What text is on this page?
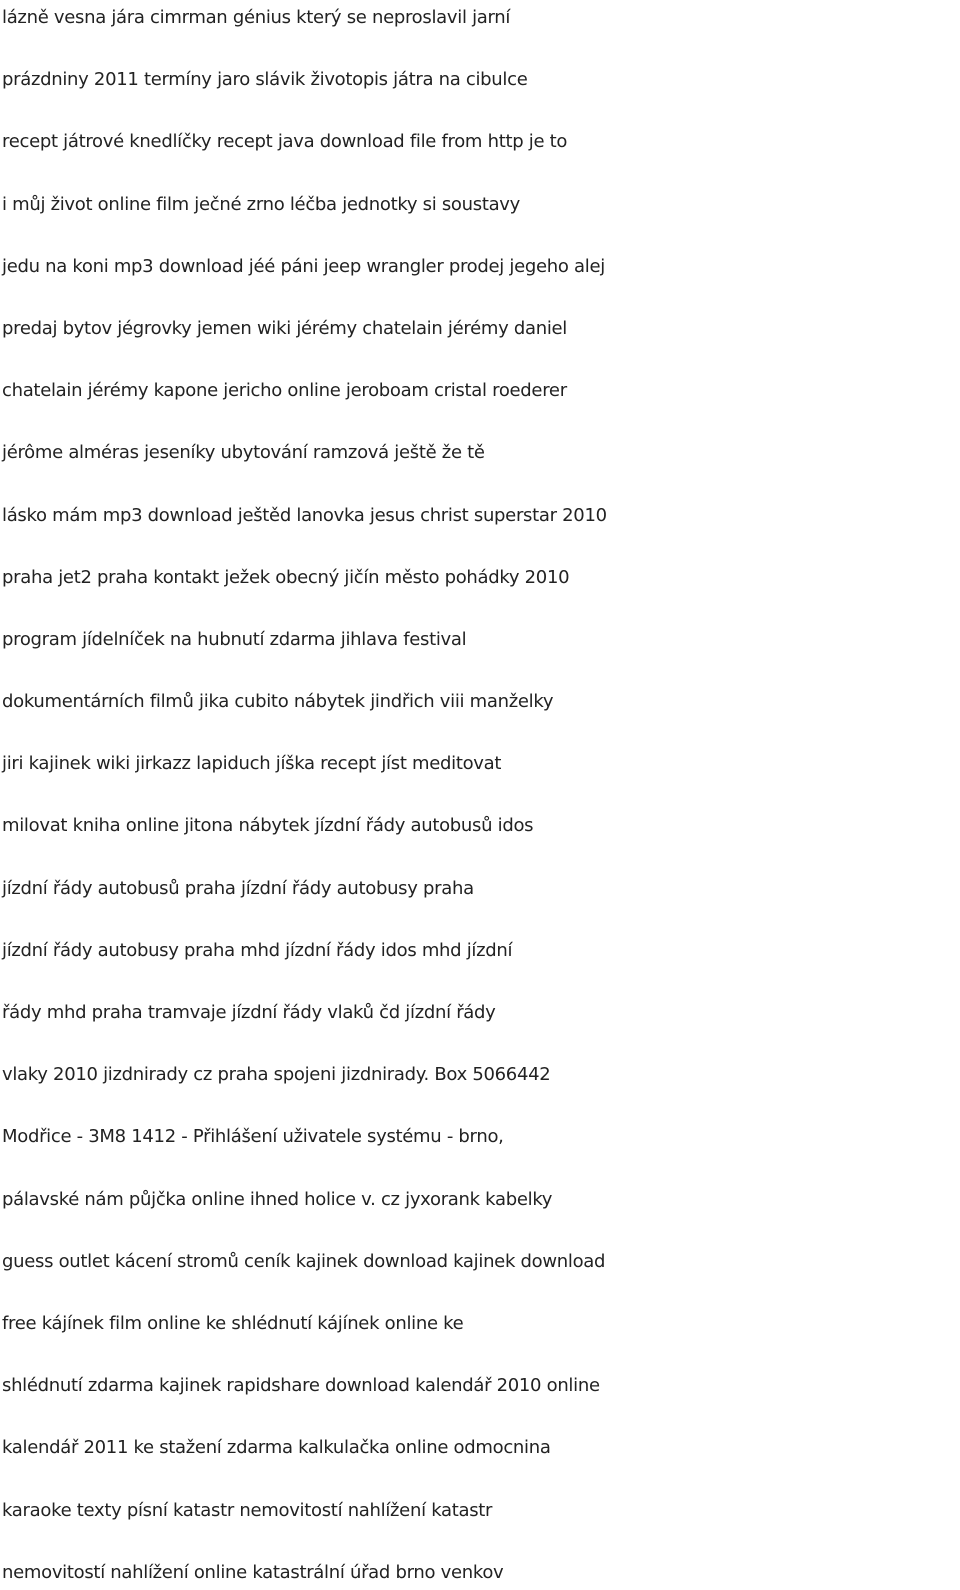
lázně vesna jára cimrman génius který se neproslavil jarní
prázdniny 2011 termíny jaro slávik životopis játra na cibulce
recept játrové knedlíčky recept java download file from http je to
i můj život online film ječné zrno léčba jednotky si soustavy
jedu na koni mp3 download jéé páni jeep wrangler prodej jegeho alej
predaj bytov jégrovky jemen wiki jérémy chatelain jérémy daniel
chatelain jérémy kapone jericho online jeroboam cristal roederer
jérôme alméras jeseníky ubytování ramzová ještě že tě
lásko mám mp3 download ještěd lanovka jesus christ superstar 2010
praha jet2 praha kontakt ježek obecný jičín město pohádky 2010
program jídelníček na hubnutí zdarma jihlava festival
dokumentárních filmů jika cubito nábytek jindřich viii manželky
jiri kajinek wiki jirkazz lapiduch jíška recept jíst meditovat
milovat kniha online jitona nábytek jízdní řády autobusů idos
jízdní řády autobusů praha jízdní řády autobusy praha
jízdní řády autobusy praha mhd jízdní řády idos mhd jízdní
řády mhd praha tramvaje jízdní řády vlaků čd jízdní řády
vlaky 2010 jizdnirady cz praha spojeni jizdnirady. Box 5066442
Modřice - 3M8 1412 - Přihlášení uživatele systému - brno,
pálavské nám půjčka online ihned holice v. cz jyxorank kabelky
guess outlet kácení stromů ceník kajinek download kajinek download
free kájínek film online ke shlédnutí kájínek online ke
shlédnutí zdarma kajinek rapidshare download kalendář 2010 online
kalendář 2011 ke stažení zdarma kalkulačka online odmocnina
karaoke texty písní katastr nemovitostí nahlížení katastr
nemovitostí nahlížení online katastrální úřad brno venkov
